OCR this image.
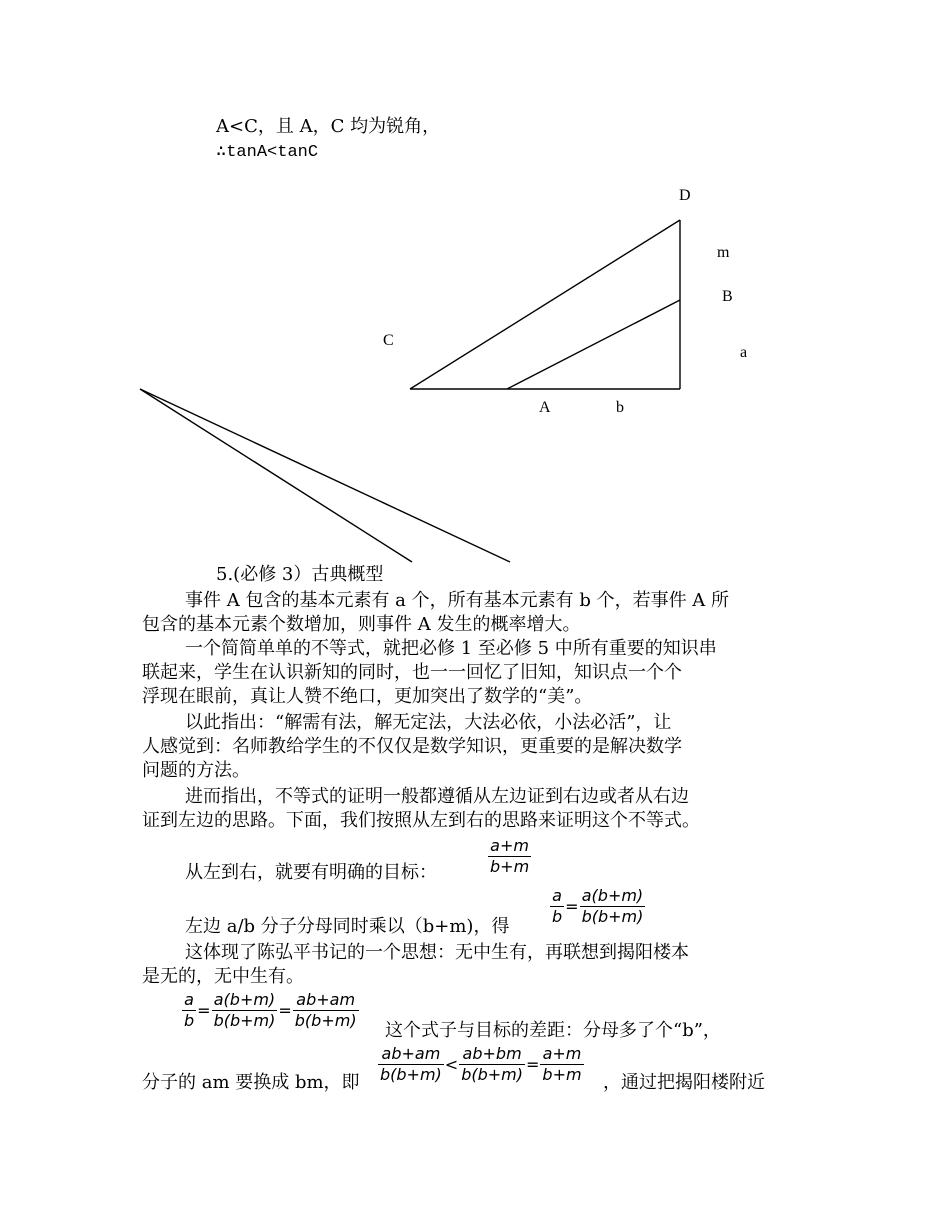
D
m
B
C
a
A	b
A<C，且 A，C 均为锐角，
∴tanA<tanC
5.(必修 3）古典概型
事件 A 包含的基本元素有 a 个，所有基本元素有 b 个，若事件 A 所
包含的基本元素个数增加，则事件 A 发生的概率增大。
一个简简单单的不等式，就把必修 1 至必修 5 中所有重要的知识串
联起来，学生在认识新知的同时，也一一回忆了旧知，知识点一个个
浮现在眼前，真让人赞不绝口，更加突出了数学的“美”。
以此指出：“解需有法，解无定法，大法必依，小法必活”，让
人感觉到：名师教给学生的不仅仅是数学知识，更重要的是解决数学
问题的方法。
进而指出，不等式的证明一般都遵循从左边证到右边或者从右边
证到左边的思路。下面，我们按照从左到右的思路来证明这个不等式。
从左到右，就要有明确的目标：	$\frac{a+m}{b+m}$
左边 a/b 分子分母同时乘以（b+m)，得	$\frac{a}{b} = \frac{a(b+m)}{b(b+m)}$
这体现了陈弘平书记的一个思想：无中生有，再联想到揭阳楼本
是无的，无中生有。
$\frac{a}{b} = \frac{a(b+m)}{b(b+m)} = \frac{ab+am}{b(b+m)}$ 这个式子与目标的差距：分母多了个“b”，
分子的 am 要换成 bm，即 $\frac{ab+am}{b(b+m)} < \frac{ab+bm}{b(b+m)} = \frac{a+m}{b+m}$ ，通过把揭阳楼附近
